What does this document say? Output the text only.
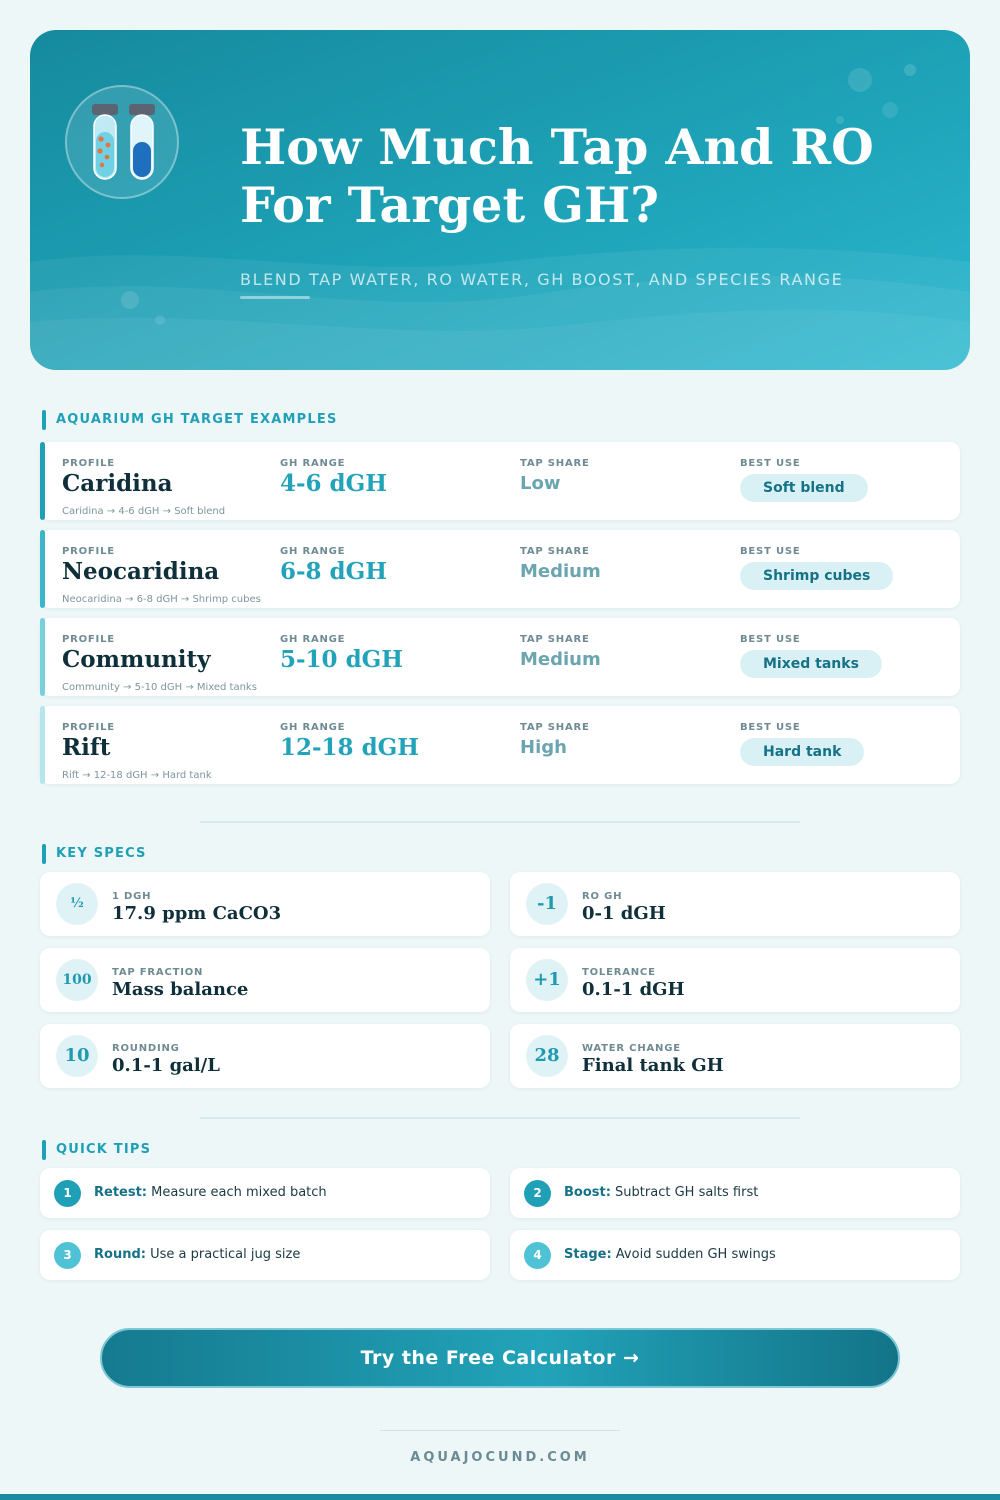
How Much Tap And RO For Target GH?
BLEND TAP WATER, RO WATER, GH BOOST, AND SPECIES RANGE
AQUARIUM GH TARGET EXAMPLES
PROFILE	GH RANGE	TAP SHARE	BEST USE
Caridina	4-6 dGH	Low	Soft blend
Caridina → 4-6 dGH → Soft blend
PROFILE	GH RANGE	TAP SHARE	BEST USE
Neocaridina	6-8 dGH	Medium	Shrimp cubes
Neocaridina → 6-8 dGH → Shrimp cubes
PROFILE	GH RANGE	TAP SHARE	BEST USE
Community	5-10 dGH	Medium	Mixed tanks
Community → 5-10 dGH → Mixed tanks
PROFILE	GH RANGE	TAP SHARE	BEST USE
Rift	12-18 dGH	High	Hard tank
Rift → 12-18 dGH → Hard tank
KEY SPECS
½	1 DGH
17.9 ppm CaCO3	-1	RO GH
0-1 dGH
100	TAP FRACTION
Mass balance	+1	TOLERANCE
0.1-1 dGH
10	ROUNDING
0.1-1 gal/L	28	WATER CHANGE
Final tank GH
QUICK TIPS
1	Retest: Measure each mixed batch	2	Boost: Subtract GH salts first
3	Round: Use a practical jug size	4	Stage: Avoid sudden GH swings
Try the Free Calculator →
AQUAJOCUND.COM
